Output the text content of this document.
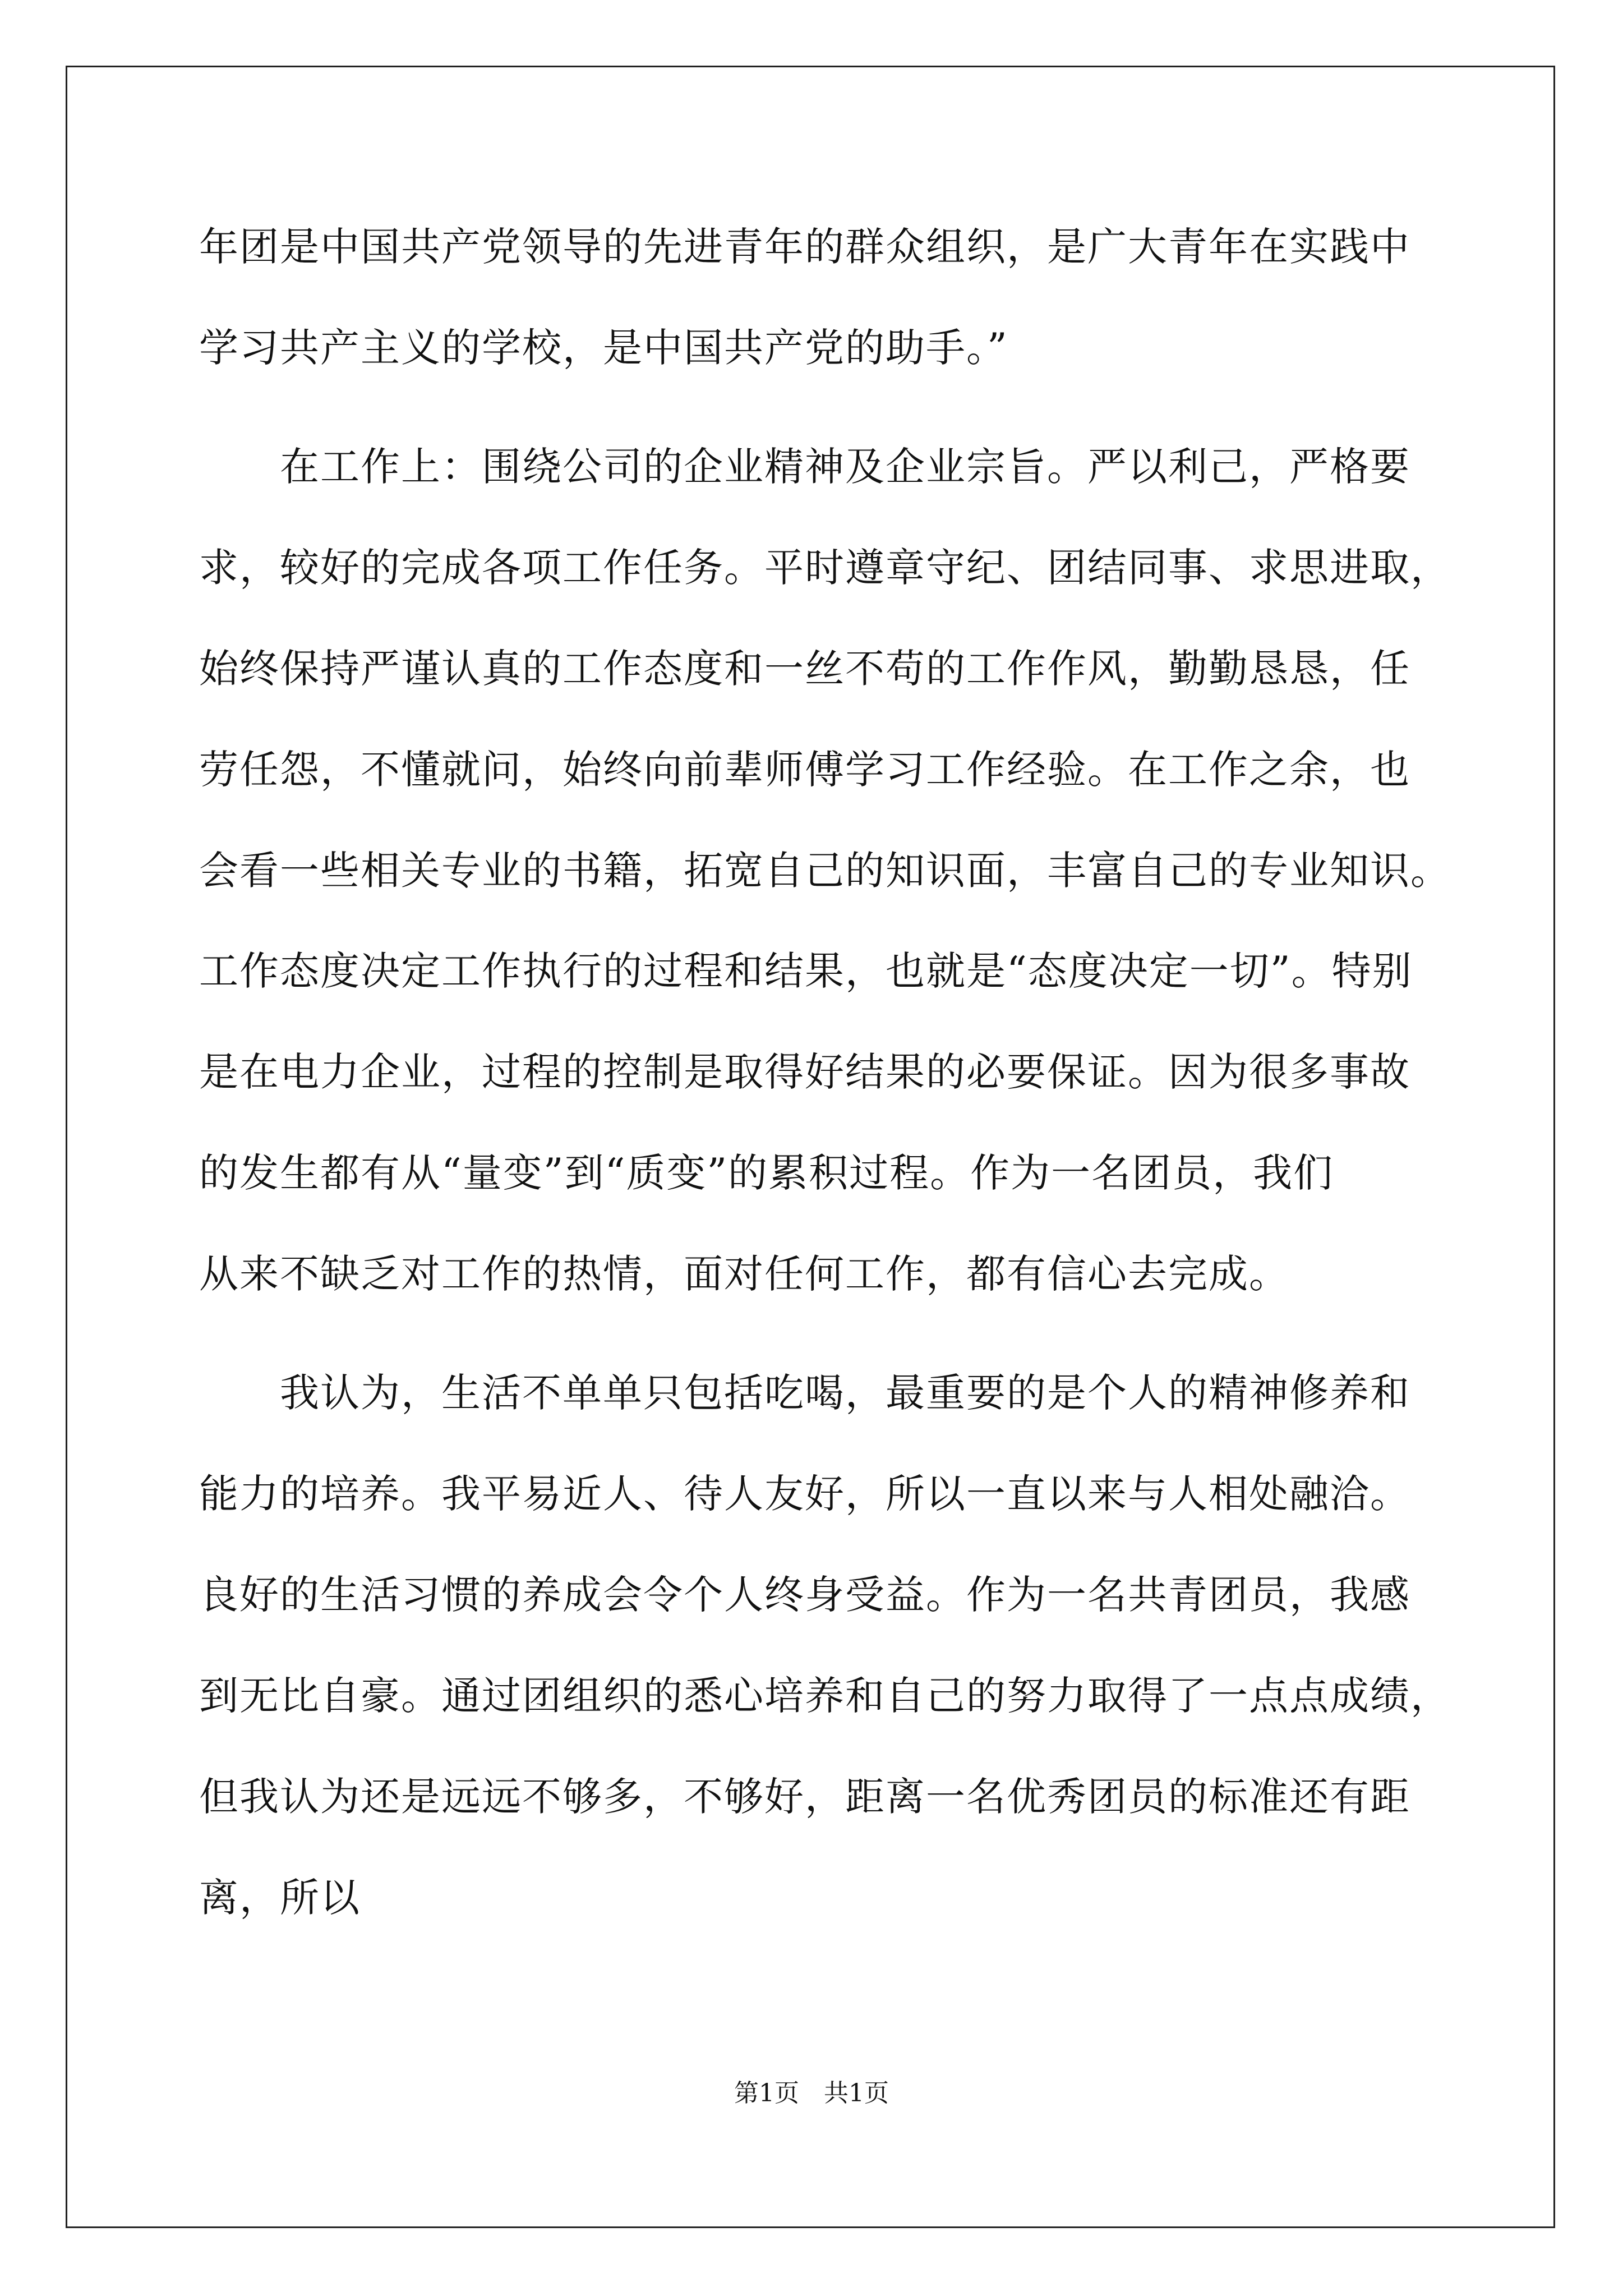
年团是中国共产党领导的先进青年的群众组织，是广大青年在实践中
学习共产主义的学校，是中国共产党的助手。”
　　在工作上：围绕公司的企业精神及企业宗旨。严以利己，严格要
求，较好的完成各项工作任务。平时遵章守纪、团结同事、求思进取，
始终保持严谨认真的工作态度和一丝不苟的工作作风，勤勤恳恳，任
劳任怨，不懂就问，始终向前辈师傅学习工作经验。在工作之余，也
会看一些相关专业的书籍，拓宽自己的知识面，丰富自己的专业知识。
工作态度决定工作执行的过程和结果，也就是“态度决定一切”。特别
是在电力企业，过程的控制是取得好结果的必要保证。因为很多事故
的发生都有从“量变”到“质变”的累积过程。作为一名团员，我们
从来不缺乏对工作的热情，面对任何工作，都有信心去完成。
　　我认为，生活不单单只包括吃喝，最重要的是个人的精神修养和
能力的培养。我平易近人、待人友好，所以一直以来与人相处融洽。
良好的生活习惯的养成会令个人终身受益。作为一名共青团员，我感
到无比自豪。通过团组织的悉心培养和自己的努力取得了一点点成绩，
但我认为还是远远不够多，不够好，距离一名优秀团员的标准还有距
离，所以
第1页　共1页
